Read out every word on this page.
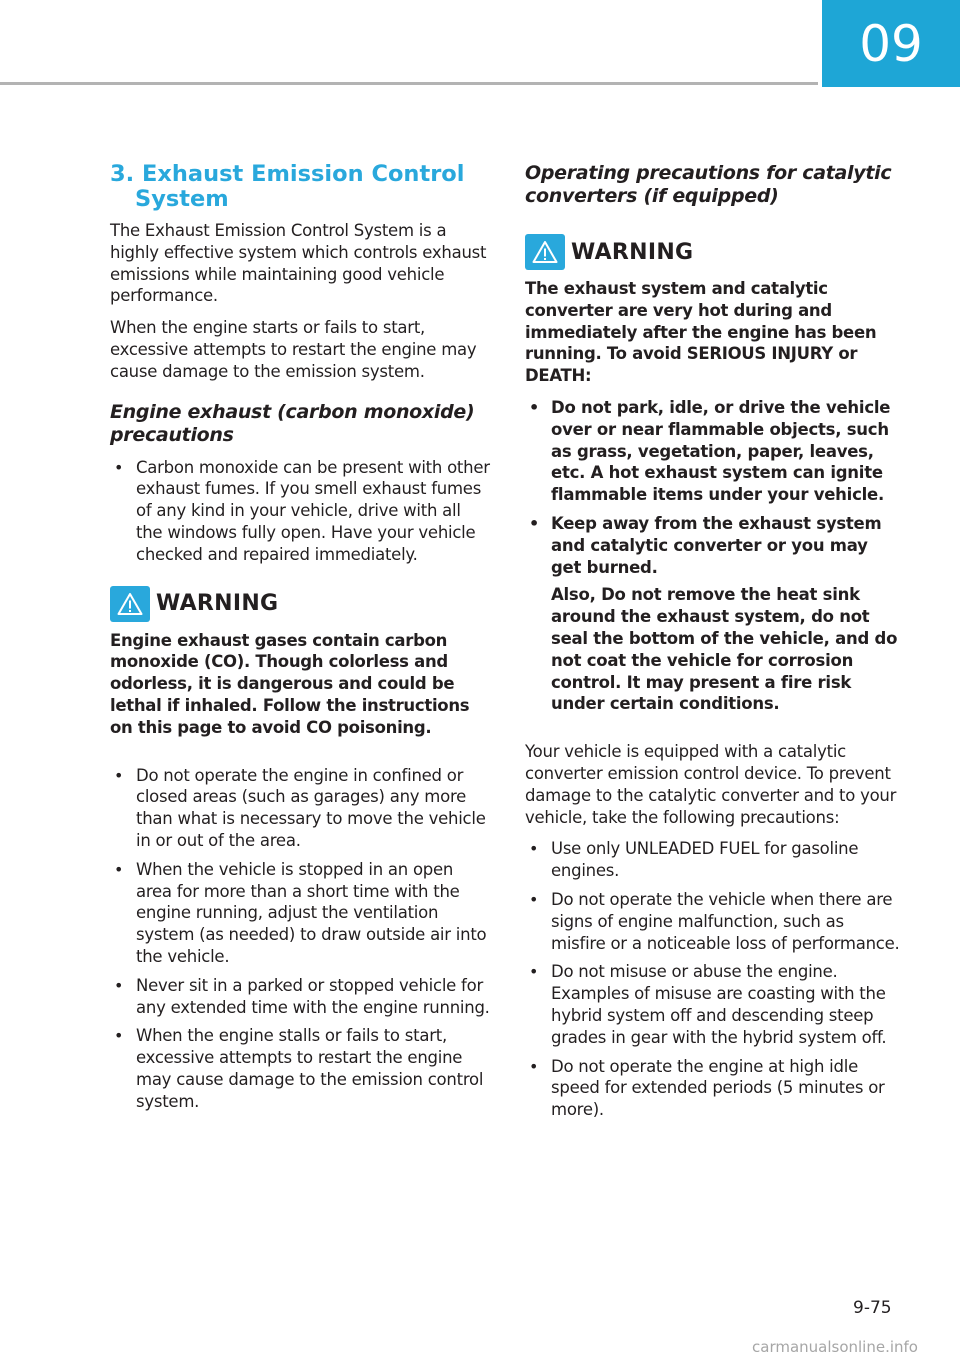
09
3. Exhaust Emission Control System

The Exhaust Emission Control System is a highly effective system which controls exhaust emissions while maintaining good vehicle performance.

When the engine starts or fails to start, excessive attempts to restart the engine may cause damage to the emission system.

Engine exhaust (carbon monoxide) precautions
• Carbon monoxide can be present with other exhaust fumes. If you smell exhaust fumes of any kind in your vehicle, drive with all the windows fully open. Have your vehicle checked and repaired immediately.
WARNING

Engine exhaust gases contain carbon monoxide (CO). Though colorless and odorless, it is dangerous and could be lethal if inhaled. Follow the instructions on this page to avoid CO poisoning.

• Do not operate the engine in confined or closed areas (such as garages) any more than what is necessary to move the vehicle in or out of the area.
• When the vehicle is stopped in an open area for more than a short time with the engine running, adjust the ventilation system (as needed) to draw outside air into the vehicle.
• Never sit in a parked or stopped vehicle for any extended time with the engine running.
• When the engine stalls or fails to start, excessive attempts to restart the engine may cause damage to the emission control system.
Operating precautions for catalytic converters (if equipped)
WARNING

The exhaust system and catalytic converter are very hot during and immediately after the engine has been running. To avoid SERIOUS INJURY or DEATH:

• Do not park, idle, or drive the vehicle over or near flammable objects, such as grass, vegetation, paper, leaves, etc. A hot exhaust system can ignite flammable items under your vehicle.
• Keep away from the exhaust system and catalytic converter or you may get burned.
Also, Do not remove the heat sink around the exhaust system, do not seal the bottom of the vehicle, and do not coat the vehicle for corrosion control. It may present a fire risk under certain conditions.

Your vehicle is equipped with a catalytic converter emission control device. To prevent damage to the catalytic converter and to your vehicle, take the following precautions:

• Use only UNLEADED FUEL for gasoline engines.
• Do not operate the vehicle when there are signs of engine malfunction, such as misfire or a noticeable loss of performance.
• Do not misuse or abuse the engine. Examples of misuse are coasting with the hybrid system off and descending steep grades in gear with the hybrid system off.
• Do not operate the engine at high idle speed for extended periods (5 minutes or more).
9-75
carmanualsonline.info
